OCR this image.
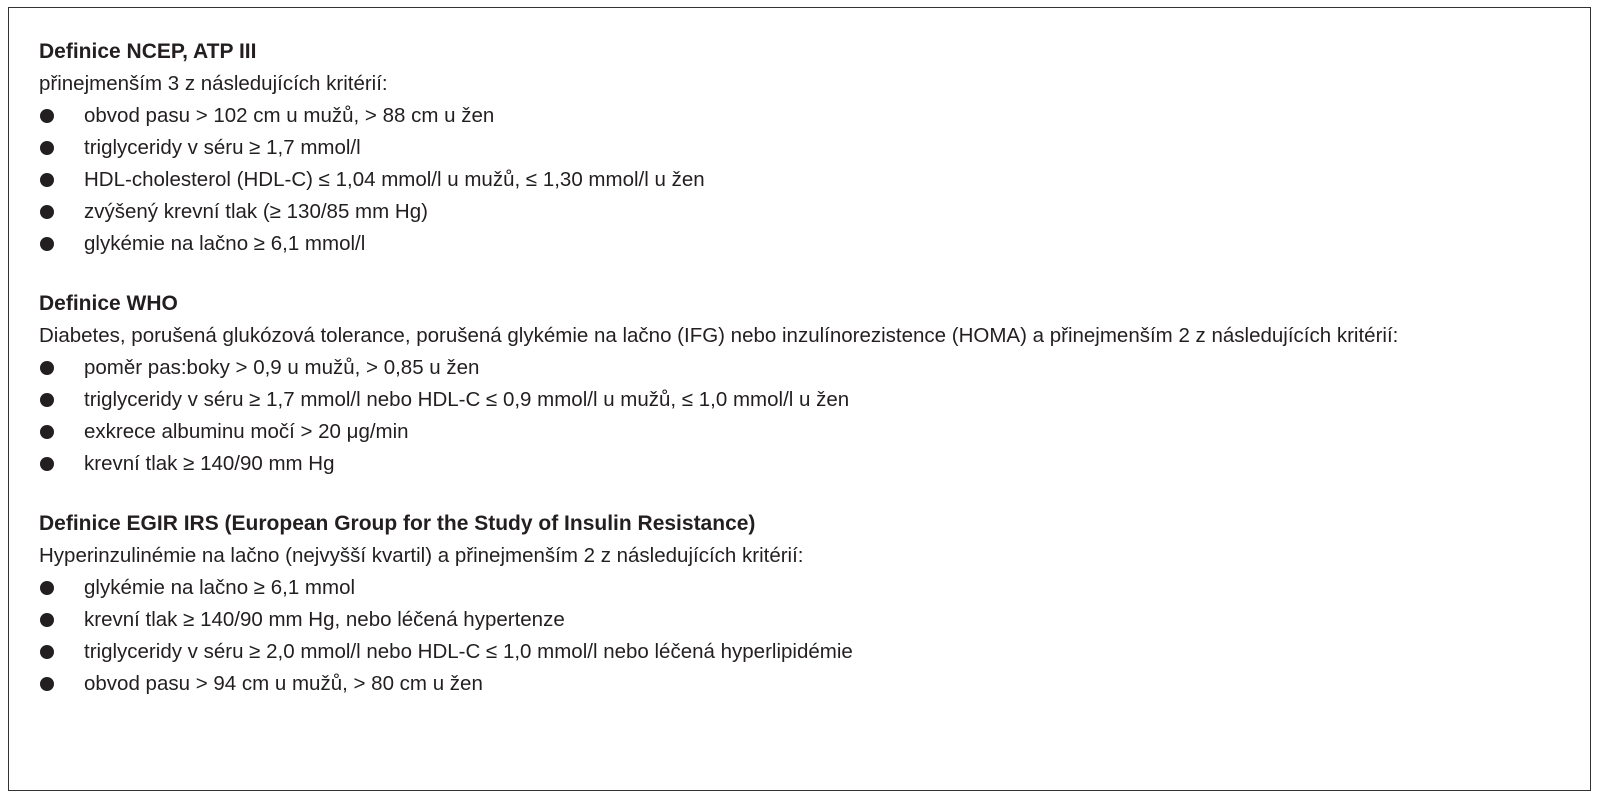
Definice NCEP, ATP III
přinejmenším 3 z následujících kritérií:
obvod pasu > 102 cm u mužů, > 88 cm u žen
triglyceridy v séru ≥ 1,7 mmol/l
HDL-cholesterol (HDL-C) ≤ 1,04 mmol/l u mužů, ≤ 1,30 mmol/l u žen
zvýšený krevní tlak (≥ 130/85 mm Hg)
glykémie na lačno ≥ 6,1 mmol/l
Definice WHO
Diabetes, porušená glukózová tolerance, porušená glykémie na lačno (IFG) nebo inzulínorezistence (HOMA) a přinejmenším 2 z následujících kritérií:
poměr pas:boky > 0,9 u mužů, > 0,85 u žen
triglyceridy v séru ≥ 1,7 mmol/l nebo HDL-C ≤ 0,9 mmol/l u mužů, ≤ 1,0 mmol/l u žen
exkrece albuminu močí > 20 μg/min
krevní tlak ≥ 140/90 mm Hg
Definice EGIR IRS (European Group for the Study of Insulin Resistance)
Hyperinzulinémie na lačno (nejvyšší kvartil) a přinejmenším 2 z následujících kritérií:
glykémie na lačno ≥ 6,1 mmol
krevní tlak ≥ 140/90 mm Hg, nebo léčená hypertenze
triglyceridy v séru ≥ 2,0 mmol/l nebo HDL-C ≤ 1,0 mmol/l nebo léčená hyperlipidémie
obvod pasu > 94 cm u mužů, > 80 cm u žen
